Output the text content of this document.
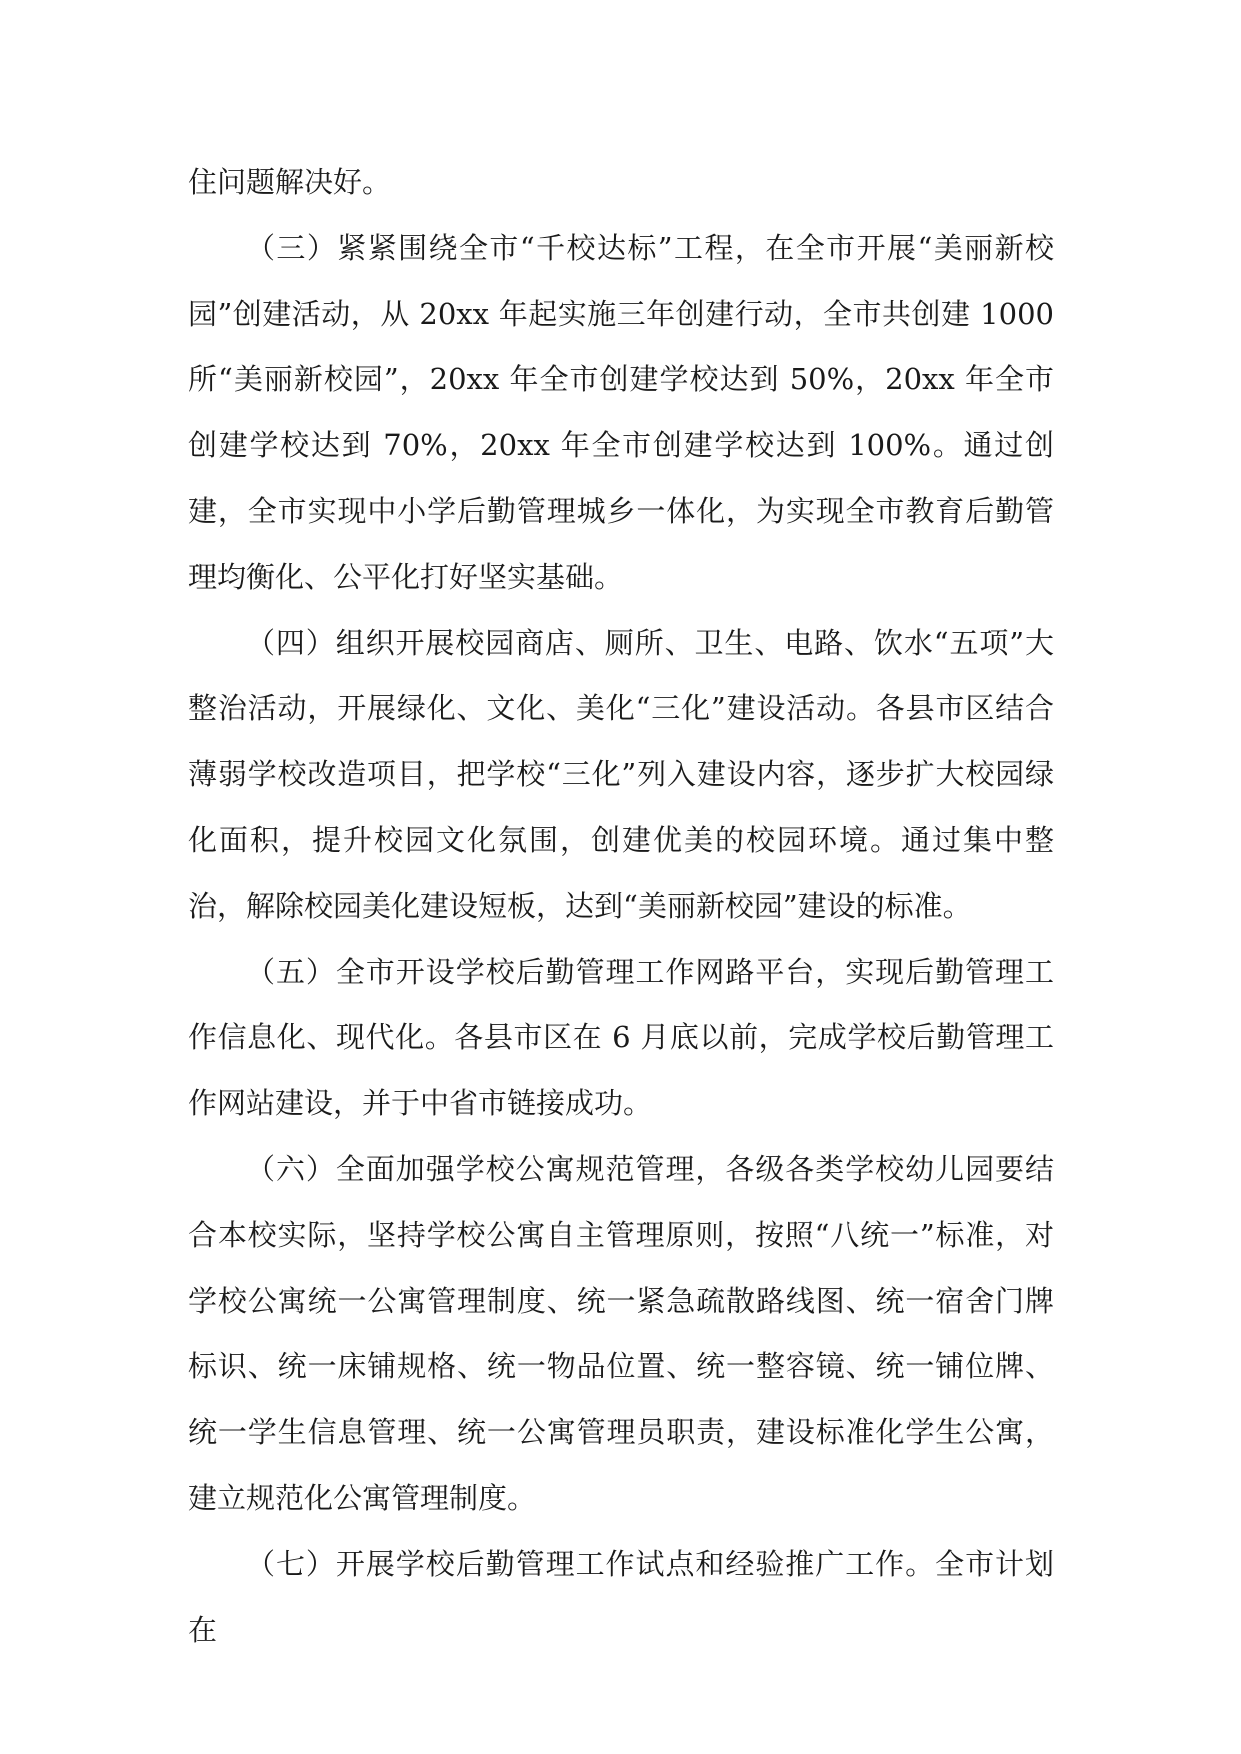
住问题解决好。

（三）紧紧围绕全市“千校达标”工程，在全市开展“美丽新校园”创建活动，从 20xx 年起实施三年创建行动，全市共创建 1000 所“美丽新校园”，20xx 年全市创建学校达到 50%，20xx 年全市创建学校达到 70%，20xx 年全市创建学校达到 100%。通过创建，全市实现中小学后勤管理城乡一体化，为实现全市教育后勤管理均衡化、公平化打好坚实基础。

（四）组织开展校园商店、厕所、卫生、电路、饮水“五项”大整治活动，开展绿化、文化、美化“三化”建设活动。各县市区结合薄弱学校改造项目，把学校“三化”列入建设内容，逐步扩大校园绿化面积，提升校园文化氛围，创建优美的校园环境。通过集中整治，解除校园美化建设短板，达到“美丽新校园”建设的标准。

（五）全市开设学校后勤管理工作网路平台，实现后勤管理工作信息化、现代化。各县市区在 6 月底以前，完成学校后勤管理工作网站建设，并于中省市链接成功。

（六）全面加强学校公寓规范管理，各级各类学校幼儿园要结合本校实际，坚持学校公寓自主管理原则，按照“八统一”标准，对学校公寓统一公寓管理制度、统一紧急疏散路线图、统一宿舍门牌标识、统一床铺规格、统一物品位置、统一整容镜、统一铺位牌、统一学生信息管理、统一公寓管理员职责，建设标准化学生公寓，建立规范化公寓管理制度。

（七）开展学校后勤管理工作试点和经验推广工作。全市计划在
